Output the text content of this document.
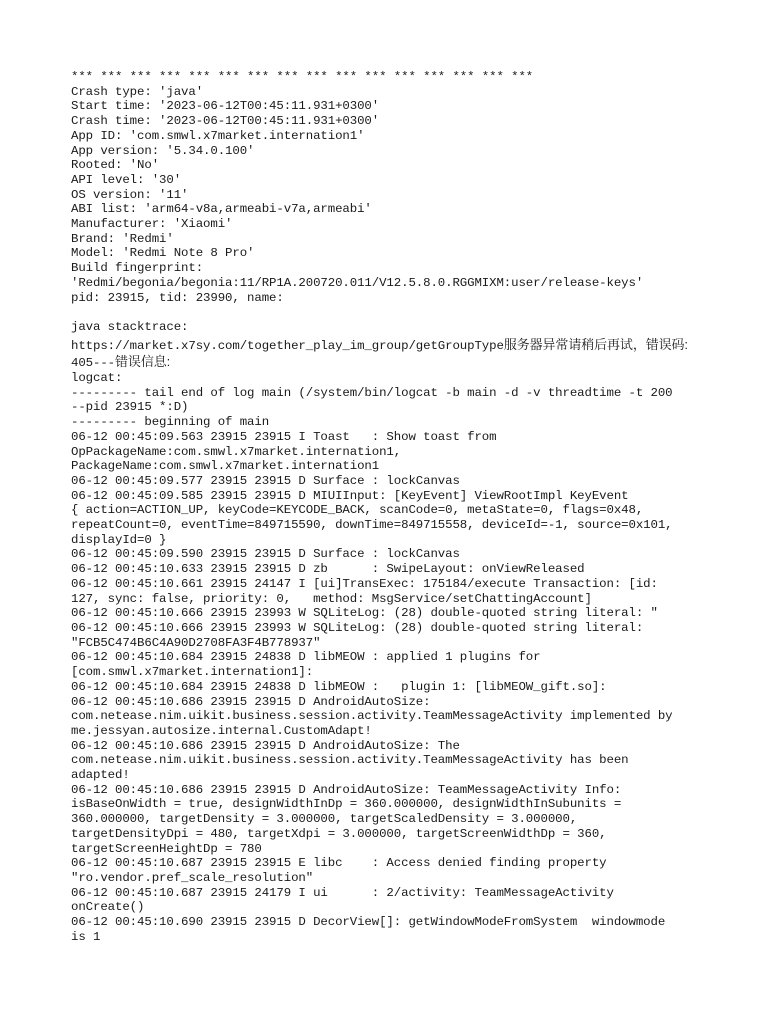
*** *** *** *** *** *** *** *** *** *** *** *** *** *** *** ***
Crash type: 'java'
Start time: '2023-06-12T00:45:11.931+0300'
Crash time: '2023-06-12T00:45:11.931+0300'
App ID: 'com.smwl.x7market.internation1'
App version: '5.34.0.100'
Rooted: 'No'
API level: '30'
OS version: '11'
ABI list: 'arm64-v8a,armeabi-v7a,armeabi'
Manufacturer: 'Xiaomi'
Brand: 'Redmi'
Model: 'Redmi Note 8 Pro'
Build fingerprint:
'Redmi/begonia/begonia:11/RP1A.200720.011/V12.5.8.0.RGGMIXM:user/release-keys'
pid: 23915, tid: 23990, name:
java stacktrace:
https://market.x7sy.com/together_play_im_group/getGroupType服务器异常请稍后再试，错误码:
405---错误信息:
logcat:
--------- tail end of log main (/system/bin/logcat -b main -d -v threadtime -t 200
--pid 23915 *:D)
--------- beginning of main
06-12 00:45:09.563 23915 23915 I Toast   : Show toast from
OpPackageName:com.smwl.x7market.internation1,
PackageName:com.smwl.x7market.internation1
06-12 00:45:09.577 23915 23915 D Surface : lockCanvas
06-12 00:45:09.585 23915 23915 D MIUIInput: [KeyEvent] ViewRootImpl KeyEvent
{ action=ACTION_UP, keyCode=KEYCODE_BACK, scanCode=0, metaState=0, flags=0x48,
repeatCount=0, eventTime=849715590, downTime=849715558, deviceId=-1, source=0x101,
displayId=0 }
06-12 00:45:09.590 23915 23915 D Surface : lockCanvas
06-12 00:45:10.633 23915 23915 D zb      : SwipeLayout: onViewReleased
06-12 00:45:10.661 23915 24147 I [ui]TransExec: 175184/execute Transaction: [id:
127, sync: false, priority: 0,   method: MsgService/setChattingAccount]
06-12 00:45:10.666 23915 23993 W SQLiteLog: (28) double-quoted string literal: "
06-12 00:45:10.666 23915 23993 W SQLiteLog: (28) double-quoted string literal:
"FCB5C474B6C4A90D2708FA3F4B778937"
06-12 00:45:10.684 23915 24838 D libMEOW : applied 1 plugins for
[com.smwl.x7market.internation1]:
06-12 00:45:10.684 23915 24838 D libMEOW :   plugin 1: [libMEOW_gift.so]:
06-12 00:45:10.686 23915 23915 D AndroidAutoSize:
com.netease.nim.uikit.business.session.activity.TeamMessageActivity implemented by
me.jessyan.autosize.internal.CustomAdapt!
06-12 00:45:10.686 23915 23915 D AndroidAutoSize: The
com.netease.nim.uikit.business.session.activity.TeamMessageActivity has been
adapted!
06-12 00:45:10.686 23915 23915 D AndroidAutoSize: TeamMessageActivity Info:
isBaseOnWidth = true, designWidthInDp = 360.000000, designWidthInSubunits =
360.000000, targetDensity = 3.000000, targetScaledDensity = 3.000000,
targetDensityDpi = 480, targetXdpi = 3.000000, targetScreenWidthDp = 360,
targetScreenHeightDp = 780
06-12 00:45:10.687 23915 23915 E libc    : Access denied finding property
"ro.vendor.pref_scale_resolution"
06-12 00:45:10.687 23915 24179 I ui      : 2/activity: TeamMessageActivity
onCreate()
06-12 00:45:10.690 23915 23915 D DecorView[]: getWindowModeFromSystem  windowmode
is 1
